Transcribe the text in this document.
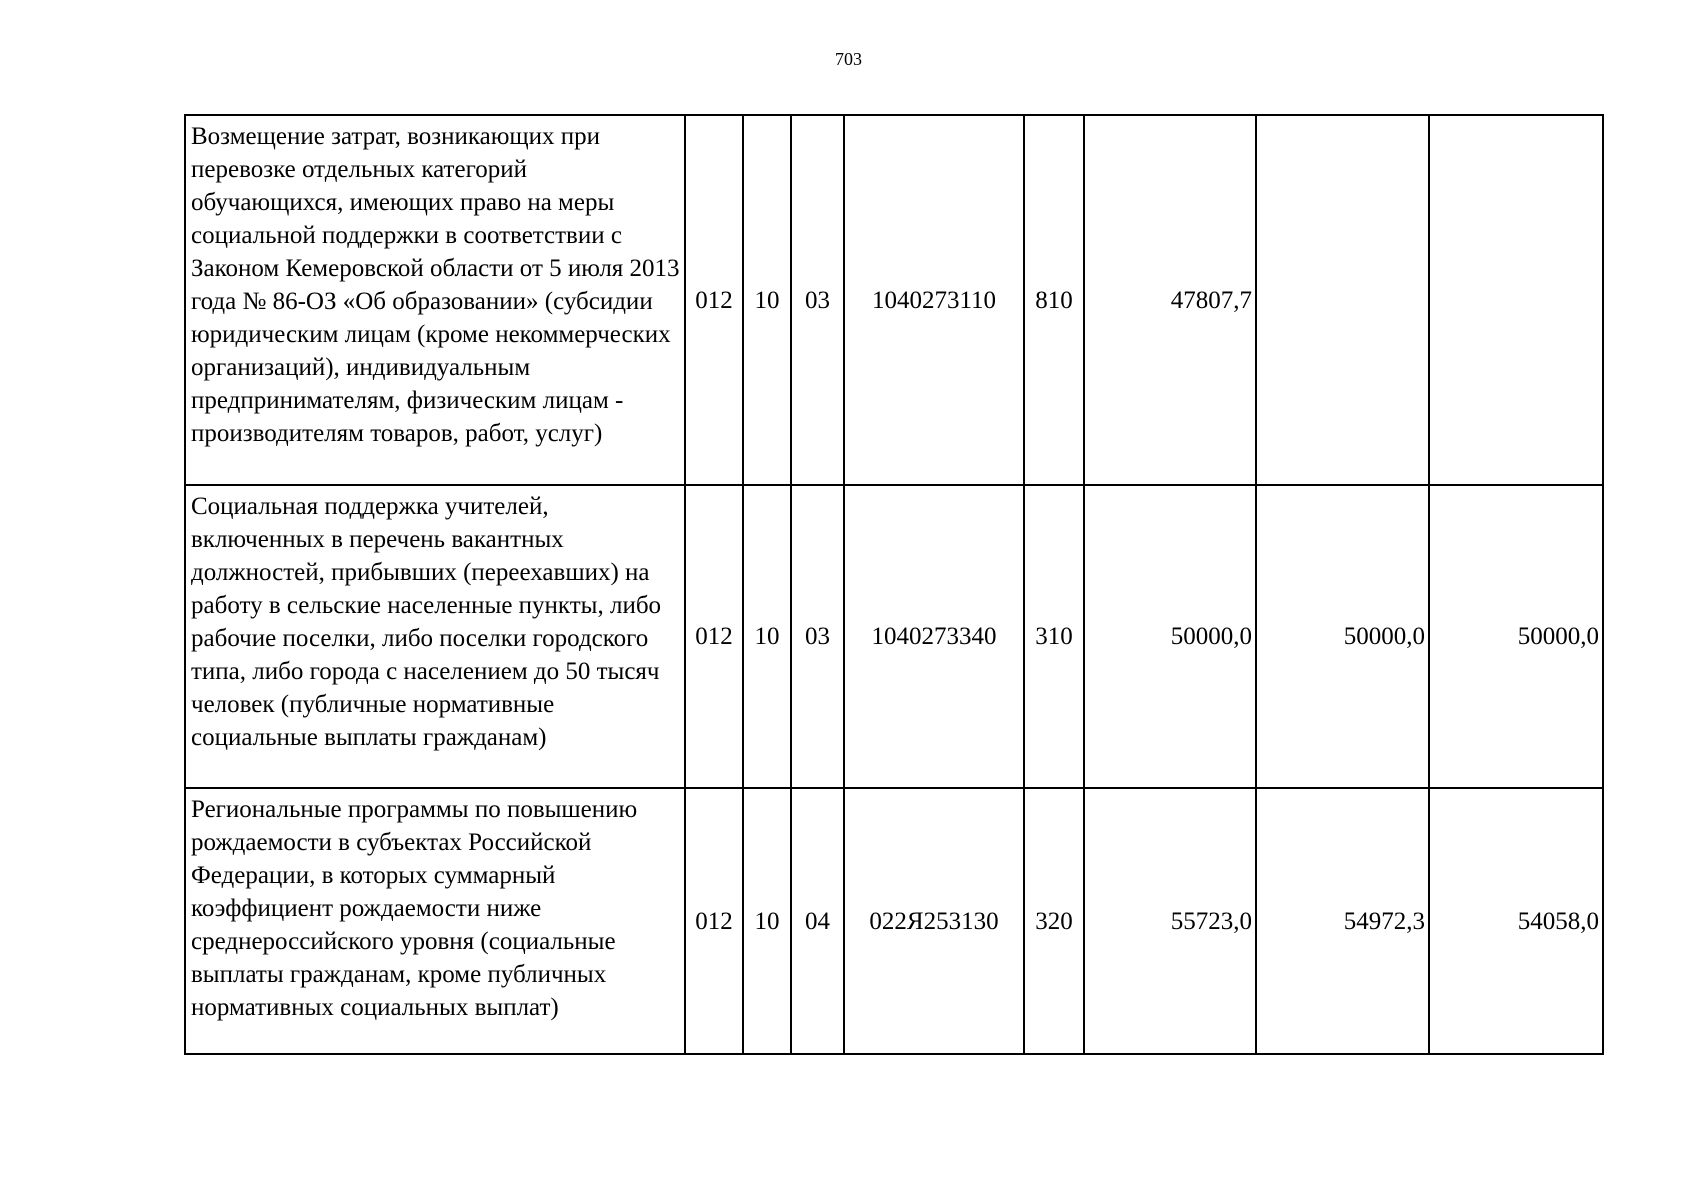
703
Возмещение затрат, возникающих при перевозке отдельных категорий обучающихся, имеющих право на меры социальной поддержки в соответствии с Законом Кемеровской области от 5 июля 2013 года № 86-ОЗ «Об образовании» (субсидии юридическим лицам (кроме некоммерческих организаций), индивидуальным предпринимателям, физическим лицам - производителям товаров, работ, услуг)	012	10	03	1040273110	810	47807,7		
Социальная поддержка учителей, включенных в перечень вакантных должностей, прибывших (переехавших) на работу в сельские населенные пункты, либо рабочие поселки, либо поселки городского типа, либо города с населением до 50 тысяч человек (публичные нормативные социальные выплаты гражданам)	012	10	03	1040273340	310	50000,0	50000,0	50000,0
Региональные программы по повышению рождаемости в субъектах Российской Федерации, в которых суммарный коэффициент рождаемости ниже среднероссийского уровня (социальные выплаты гражданам, кроме публичных нормативных социальных выплат)	012	10	04	022Я253130	320	55723,0	54972,3	54058,0
